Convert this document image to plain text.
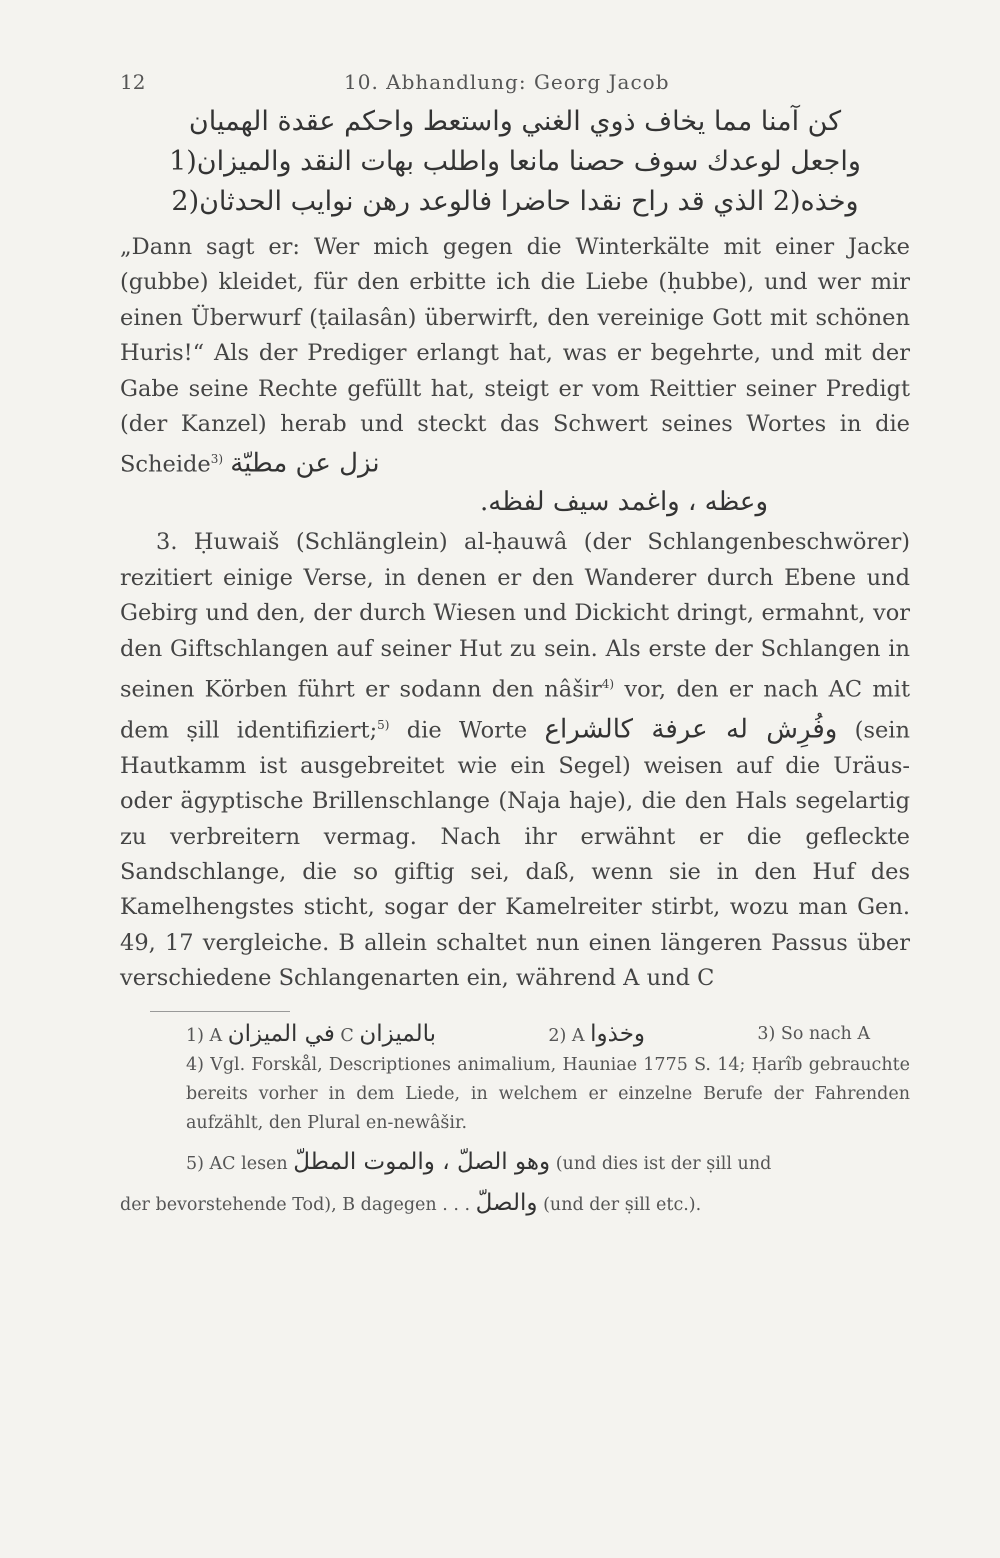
12	10. Abhandlung: Georg Jacob
كن آمنا مما يخاف ذوي الغني واستعط واحكم عقدة الهميان
واجعل لوعدك سوف حصنا مانعا واطلب بهات النقد والميزان(1
وخذه(2 الذي قد راح نقدا حاضرا فالوعد رهن نوايب الحدثان(2

„Dann sagt er: Wer mich gegen die Winterkälte mit einer Jacke (gubbe) kleidet, für den erbitte ich die Liebe (ḥubbe), und wer mir einen Überwurf (ṭailasân) überwirft, den vereinige Gott mit schönen Huris!“ Als der Prediger erlangt hat, was er begehrte, und mit der Gabe seine Rechte gefüllt hat, steigt er vom Reittier seiner Predigt (der Kanzel) herab und steckt das Schwert seines Wortes in die Scheide$^{3)}$ نزل عن مطيّة

وعظه ، واغمد سيف لفظه.

3. Ḥuwaiš (Schlänglein) al-ḥauwâ (der Schlangenbeschwörer) rezitiert einige Verse, in denen er den Wanderer durch Ebene und Gebirg und den, der durch Wiesen und Dickicht dringt, ermahnt, vor den Giftschlangen auf seiner Hut zu sein. Als erste der Schlangen in seinen Körben führt er sodann den nâšir$^{4)}$ vor, den er nach AC mit dem ṣill identifiziert;$^{5)}$ die Worte وفُرِش له عرفة كالشراع (sein Hautkamm ist ausgebreitet wie ein Segel) weisen auf die Uräus- oder ägyptische Brillenschlange (Naja haje), die den Hals segelartig zu verbreitern vermag. Nach ihr erwähnt er die gefleckte Sandschlange, die so giftig sei, daß, wenn sie in den Huf des Kamelhengstes sticht, sogar der Kamelreiter stirbt, wozu man Gen. 49, 17 vergleiche. B allein schaltet nun einen längeren Passus über verschiedene Schlangenarten ein, während A und C

1) A في الميزان C بالميزان	2) A وخذوا	3) So nach A

4) Vgl. Forskål, Descriptiones animalium, Hauniae 1775 S. 14; Ḥarîb gebrauchte bereits vorher in dem Liede, in welchem er einzelne Berufe der Fahrenden aufzählt, den Plural en-newâšir.

5) AC lesen وهو الصلّ ، والموت المطلّ (und dies ist der ṣill und

der bevorstehende Tod), B dagegen . . . والصلّ (und der ṣill etc.).
